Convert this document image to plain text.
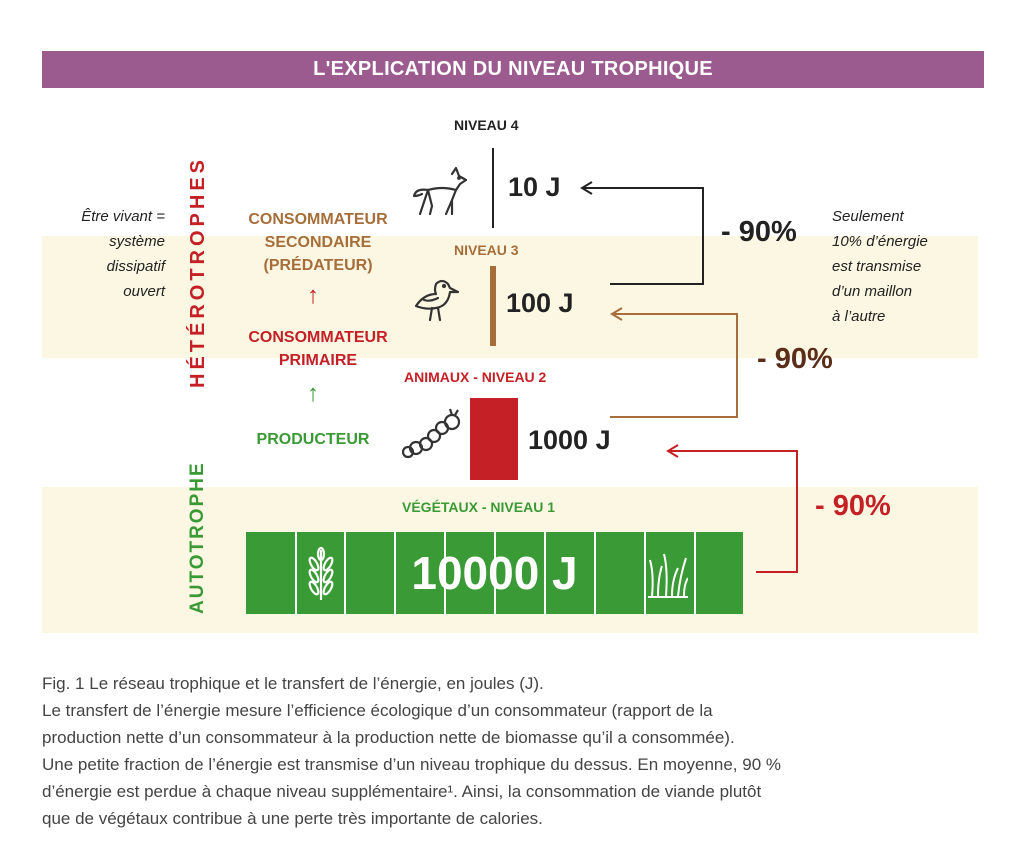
L'EXPLICATION DU NIVEAU TROPHIQUE
HÉTÉROTROPHES
AUTOTROPHE
Être vivant =
système
dissipatif
ouvert
CONSOMMATEUR
SECONDAIRE
(PRÉDATEUR)
↑
CONSOMMATEUR
PRIMAIRE
↑
PRODUCTEUR
NIVEAU 4
NIVEAU 3
ANIMAUX - NIVEAU 2
VÉGÉTAUX - NIVEAU 1
10000 J
10 J
100 J
1000 J
- 90%
- 90%
- 90%
Seulement
10% d’énergie
est transmise
d’un maillon
à l’autre

Fig. 1 Le réseau trophique et le transfert de l’énergie, en joules (J).

Le transfert de l’énergie mesure l’efficience écologique d’un consommateur (rapport de la

production nette d’un consommateur à la production nette de biomasse qu’il a consommée).

Une petite fraction de l’énergie est transmise d’un niveau trophique du dessus. En moyenne, 90 %

d’énergie est perdue à chaque niveau supplémentaire¹. Ainsi, la consommation de viande plutôt

que de végétaux contribue à une perte très importante de calories.
